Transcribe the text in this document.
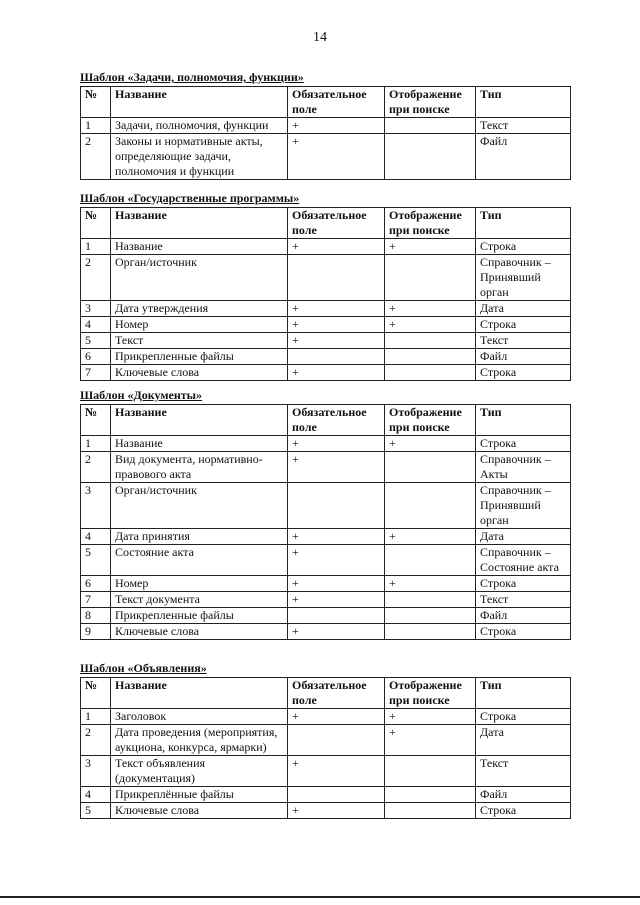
14
Шаблон «Задачи, полномочия, функции»
№	Название	Обязательное поле	Отображение при поиске	Тип
1	Задачи, полномочия, функции	+		Текст
2	Законы и нормативные акты, определяющие задачи, полномочия и функции	+		Файл
Шаблон «Государственные программы»
№	Название	Обязательное поле	Отображение при поиске	Тип
1	Название	+	+	Строка
2	Орган/источник			Справочник – Принявший орган
3	Дата утверждения	+	+	Дата
4	Номер	+	+	Строка
5	Текст	+		Текст
6	Прикрепленные файлы			Файл
7	Ключевые слова	+		Строка
Шаблон «Документы»
№	Название	Обязательное поле	Отображение при поиске	Тип
1	Название	+	+	Строка
2	Вид документа, нормативно-правового акта	+		Справочник – Акты
3	Орган/источник			Справочник – Принявший орган
4	Дата принятия	+	+	Дата
5	Состояние акта	+		Справочник – Состояние акта
6	Номер	+	+	Строка
7	Текст документа	+		Текст
8	Прикрепленные файлы			Файл
9	Ключевые слова	+		Строка
Шаблон «Объявления»
№	Название	Обязательное поле	Отображение при поиске	Тип
1	Заголовок	+	+	Строка
2	Дата проведения (мероприятия, аукциона, конкурса, ярмарки)		+	Дата
3	Текст объявления (документация)	+		Текст
4	Прикреплённые файлы			Файл
5	Ключевые слова	+		Строка
